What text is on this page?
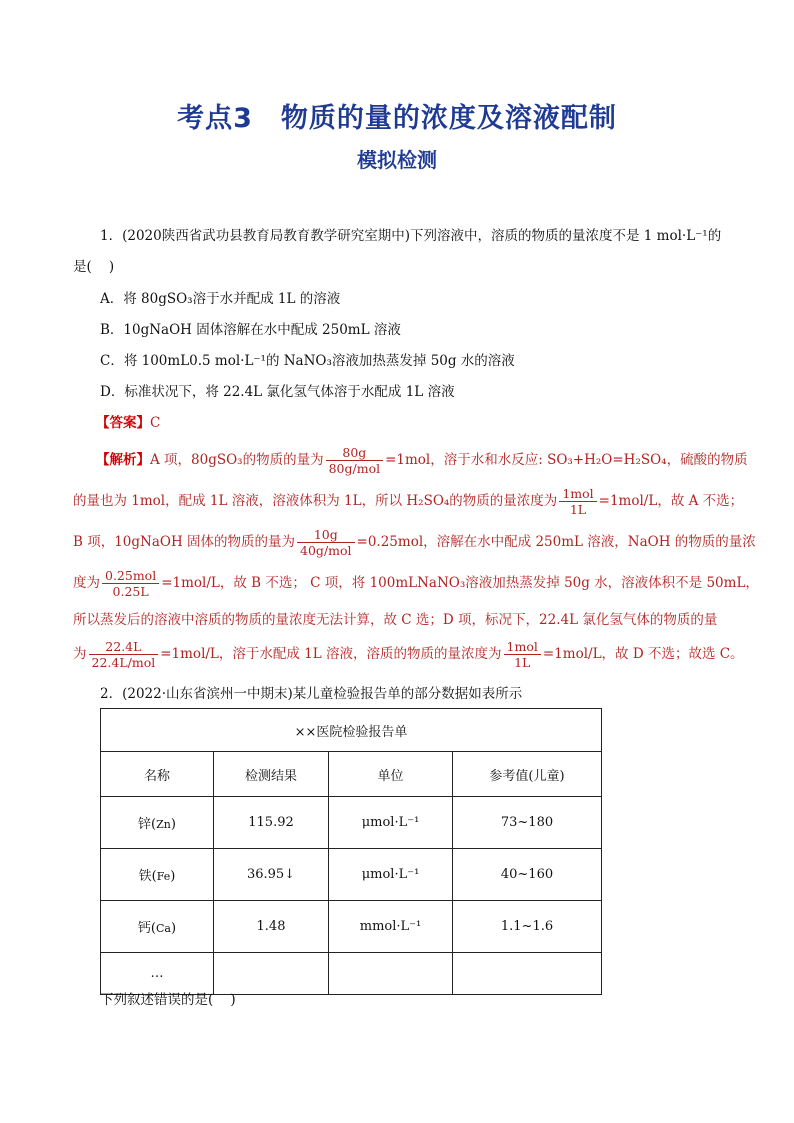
考点3 物质的量的浓度及溶液配制
模拟检测
1．(2020陕西省武功县教育局教育教学研究室期中)下列溶液中，溶质的物质的量浓度不是 1 mol·L⁻¹的
是(    )
A．将 80gSO₃溶于水并配成 1L 的溶液
B．10gNaOH 固体溶解在水中配成 250mL 溶液
C．将 100mL0.5 mol·L⁻¹的 NaNO₃溶液加热蒸发掉 50g 水的溶液
D．标准状况下，将 22.4L 氯化氢气体溶于水配成 1L 溶液
【答案】C
【解析】A 项，80gSO₃的物质的量为 $\frac{80g}{\text{80g/mol}} =1mol$，溶于水和水反应: SO₃+H₂O=H₂SO₄，硫酸的物质
的量也为 1mol，配成 1L 溶液，溶液体积为 1L，所以 H₂SO₄的物质的量浓度为 $\frac{\text{1mol}}{1L} =1mol/L$，故 A 不选；
B 项，10gNaOH 固体的物质的量为 $\frac{10g}{\text{40g/mol}} =0.25mol$，溶解在水中配成 250mL 溶液，NaOH 的物质的量浓
度为 $\frac{\text{0.25mol}}{0.25L} =1mol/L$，故 B 不选； C 项，将 100mLNaNO₃溶液加热蒸发掉 50g 水，溶液体积不是 50mL，
所以蒸发后的溶液中溶质的物质的量浓度无法计算，故 C 选；D 项，标况下，22.4L 氯化氢气体的物质的量
为 $\frac{22.4L}{\text{22.4L/mol}} =1mol/L$，溶于水配成 1L 溶液，溶质的物质的量浓度为 $\frac{\text{1mol}}{1L} =1mol/L$，故 D 不选；故选 C。
2．(2022·山东省滨州一中期末)某儿童检验报告单的部分数据如表所示
××医院检验报告单			
名称	检测结果	单位	参考值(儿童)
锌(Zn)	115.92	μmol·L⁻¹	73~180
铁(Fe)	36.95↓	μmol·L⁻¹	40~160
钙(Ca)	1.48	mmol·L⁻¹	1.1~1.6
…			
下列叙述错误的是(    )
